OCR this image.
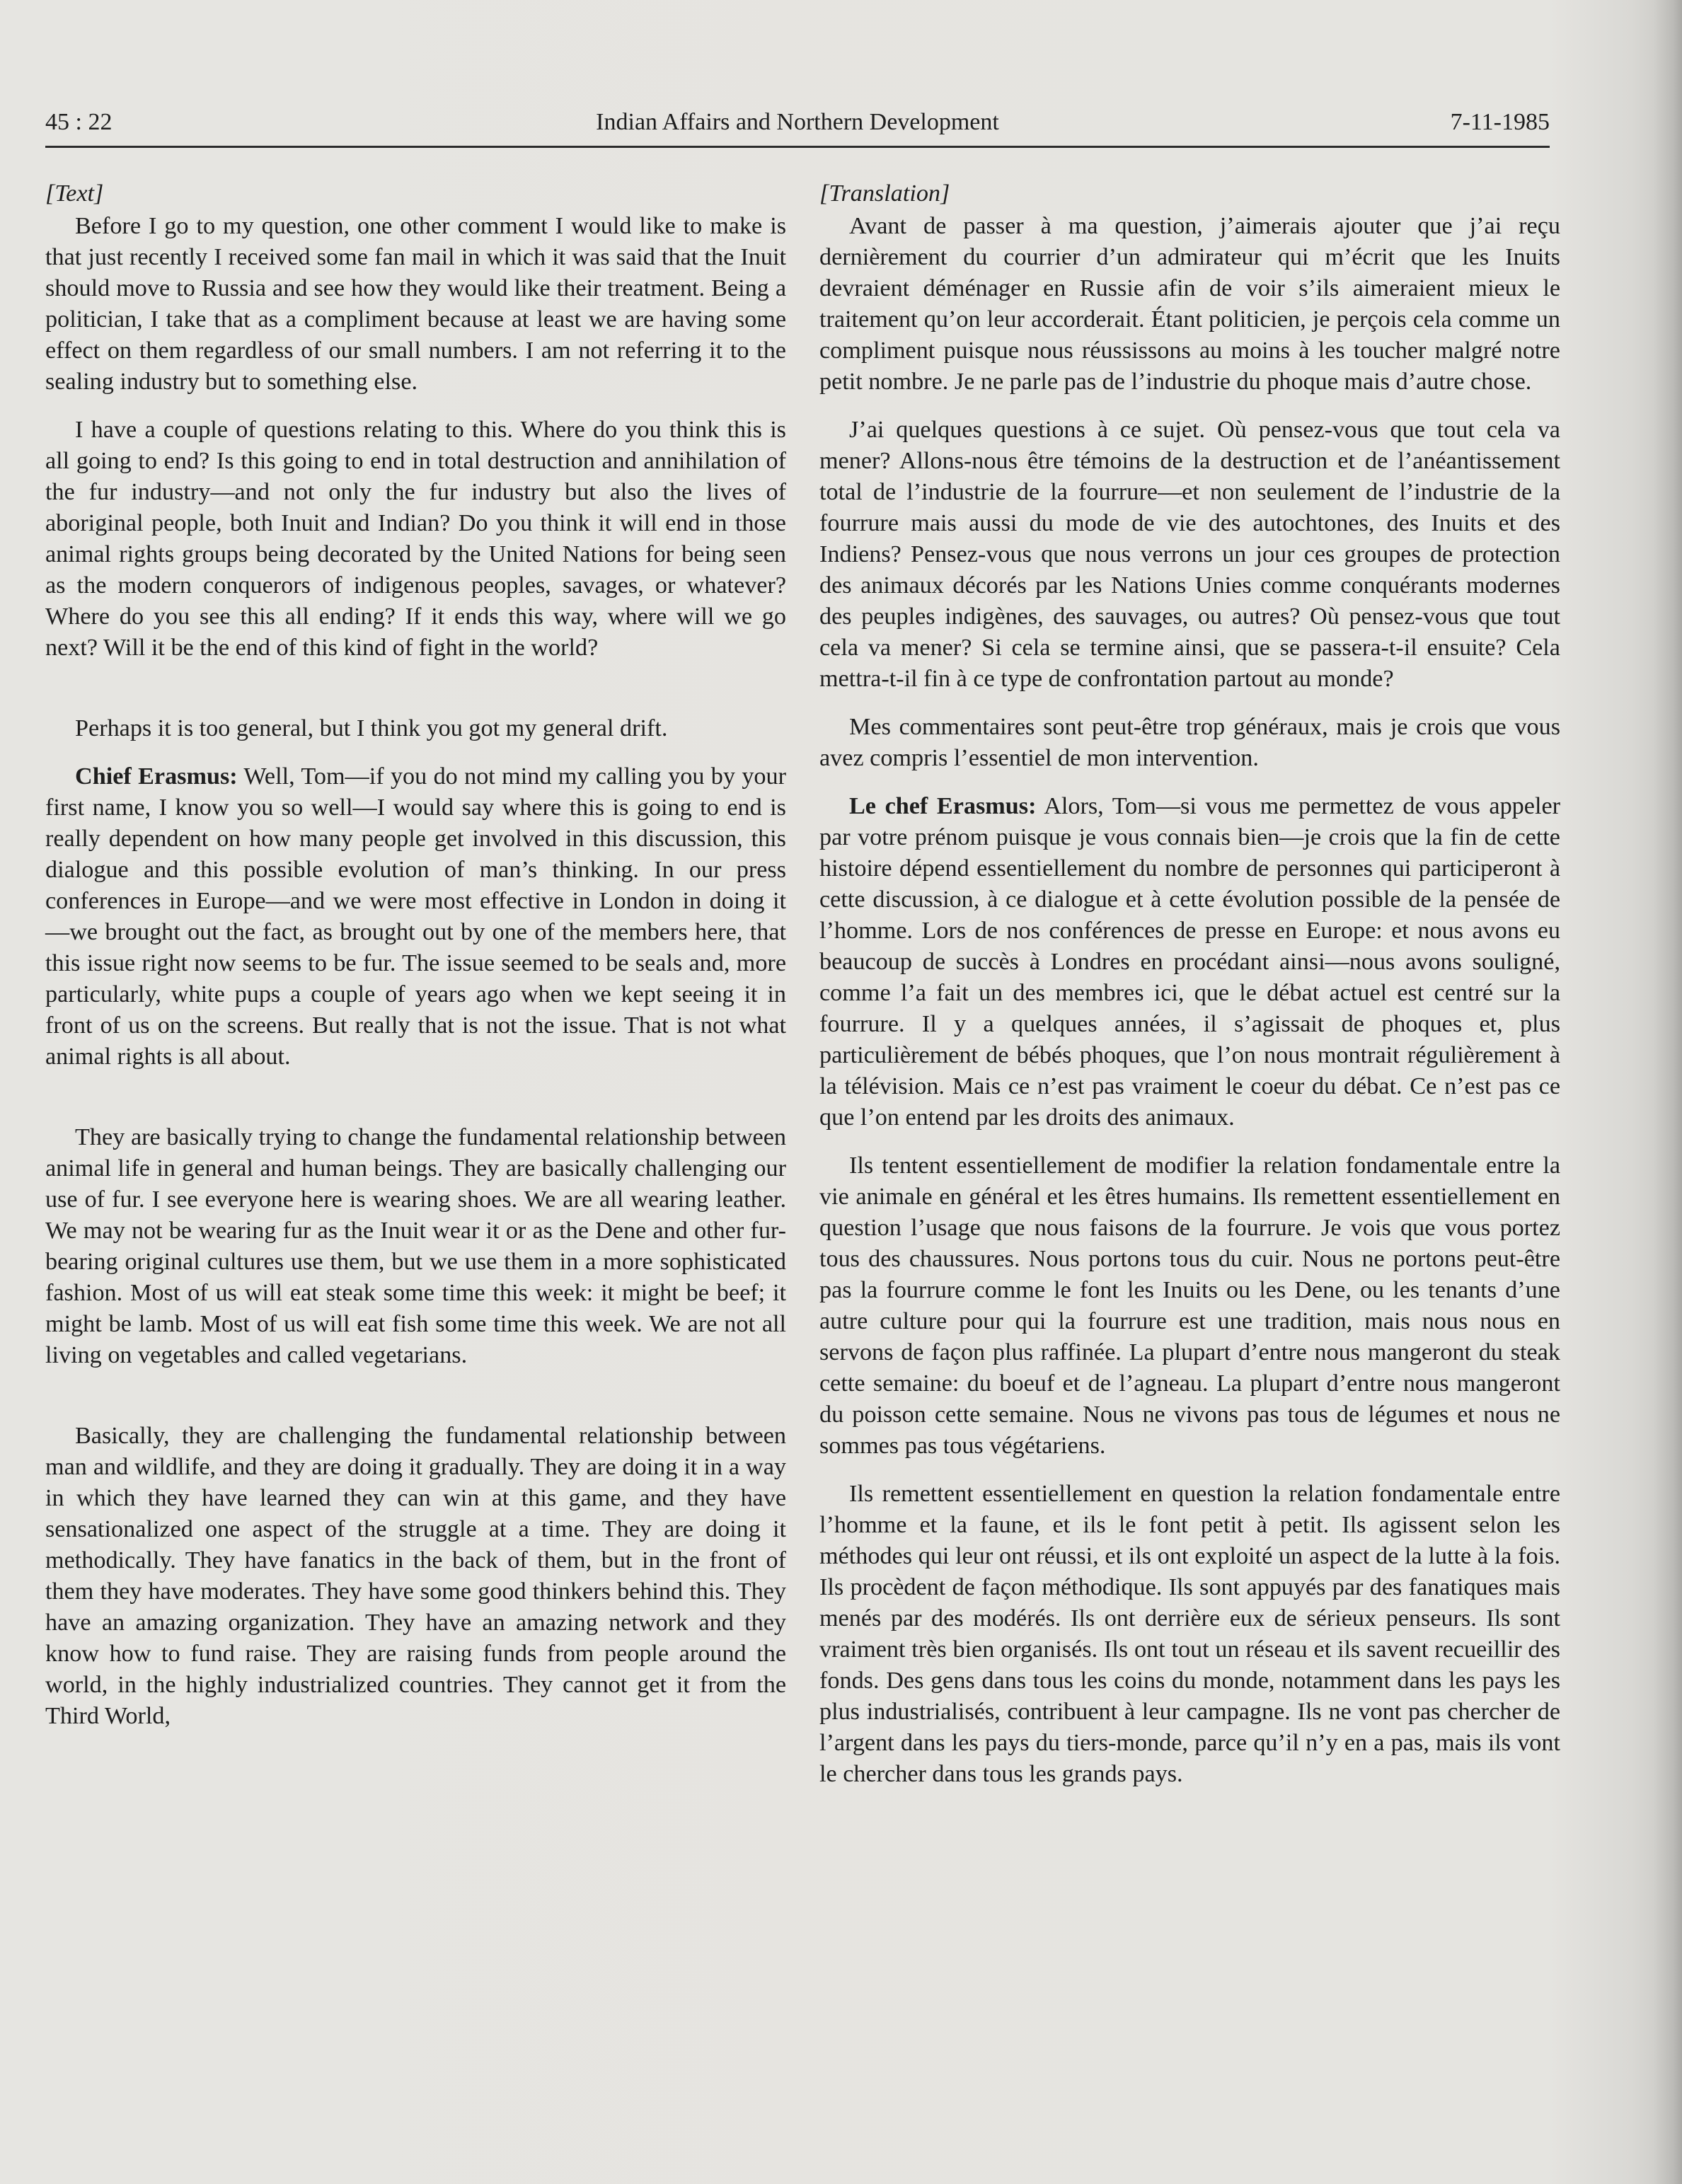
Indian Affairs and Northern Development
45 : 22	7-11-1985
[Text]

Before I go to my question, one other comment I would like to make is that just recently I received some fan mail in which it was said that the Inuit should move to Russia and see how they would like their treatment. Being a politician, I take that as a compliment because at least we are having some effect on them regardless of our small numbers. I am not referring it to the sealing industry but to something else.

I have a couple of questions relating to this. Where do you think this is all going to end? Is this going to end in total destruction and annihilation of the fur industry—and not only the fur industry but also the lives of aboriginal people, both Inuit and Indian? Do you think it will end in those animal rights groups being decorated by the United Nations for being seen as the modern conquerors of indigenous peoples, savages, or whatever? Where do you see this all ending? If it ends this way, where will we go next? Will it be the end of this kind of fight in the world?

Perhaps it is too general, but I think you got my general drift.

Chief Erasmus: Well, Tom—if you do not mind my calling you by your first name, I know you so well—I would say where this is going to end is really dependent on how many people get involved in this discussion, this dialogue and this possible evolution of man’s thinking. In our press conferences in Europe—and we were most effective in London in doing it—we brought out the fact, as brought out by one of the members here, that this issue right now seems to be fur. The issue seemed to be seals and, more particularly, white pups a couple of years ago when we kept seeing it in front of us on the screens. But really that is not the issue. That is not what animal rights is all about.

They are basically trying to change the fundamental relationship between animal life in general and human beings. They are basically challenging our use of fur. I see everyone here is wearing shoes. We are all wearing leather. We may not be wearing fur as the Inuit wear it or as the Dene and other fur-bearing original cultures use them, but we use them in a more sophisticated fashion. Most of us will eat steak some time this week: it might be beef; it might be lamb. Most of us will eat fish some time this week. We are not all living on vegetables and called vegetarians.

Basically, they are challenging the fundamental relationship between man and wildlife, and they are doing it gradually. They are doing it in a way in which they have learned they can win at this game, and they have sensationalized one aspect of the struggle at a time. They are doing it methodically. They have fanatics in the back of them, but in the front of them they have moderates. They have some good thinkers behind this. They have an amazing organization. They have an amazing network and they know how to fund raise. They are raising funds from people around the world, in the highly industrialized countries. They cannot get it from the Third World,

[Translation]

Avant de passer à ma question, j’aimerais ajouter que j’ai reçu dernièrement du courrier d’un admirateur qui m’écrit que les Inuits devraient déménager en Russie afin de voir s’ils aimeraient mieux le traitement qu’on leur accorderait. Étant politicien, je perçois cela comme un compliment puisque nous réussissons au moins à les toucher malgré notre petit nombre. Je ne parle pas de l’industrie du phoque mais d’autre chose.

J’ai quelques questions à ce sujet. Où pensez-vous que tout cela va mener? Allons-nous être témoins de la destruction et de l’anéantissement total de l’industrie de la fourrure—et non seulement de l’industrie de la fourrure mais aussi du mode de vie des autochtones, des Inuits et des Indiens? Pensez-vous que nous verrons un jour ces groupes de protection des animaux décorés par les Nations Unies comme conquérants modernes des peuples indigènes, des sauvages, ou autres? Où pensez-vous que tout cela va mener? Si cela se termine ainsi, que se passera-t-il ensuite? Cela mettra-t-il fin à ce type de confrontation partout au monde?

Mes commentaires sont peut-être trop généraux, mais je crois que vous avez compris l’essentiel de mon intervention.

Le chef Erasmus: Alors, Tom—si vous me permettez de vous appeler par votre prénom puisque je vous connais bien—je crois que la fin de cette histoire dépend essentiellement du nombre de personnes qui participeront à cette discussion, à ce dialogue et à cette évolution possible de la pensée de l’homme. Lors de nos conférences de presse en Europe: et nous avons eu beaucoup de succès à Londres en procédant ainsi—nous avons souligné, comme l’a fait un des membres ici, que le débat actuel est centré sur la fourrure. Il y a quelques années, il s’agissait de phoques et, plus particulièrement de bébés phoques, que l’on nous montrait régulièrement à la télévision. Mais ce n’est pas vraiment le coeur du débat. Ce n’est pas ce que l’on entend par les droits des animaux.

Ils tentent essentiellement de modifier la relation fondamentale entre la vie animale en général et les êtres humains. Ils remettent essentiellement en question l’usage que nous faisons de la fourrure. Je vois que vous portez tous des chaussures. Nous portons tous du cuir. Nous ne portons peut-être pas la fourrure comme le font les Inuits ou les Dene, ou les tenants d’une autre culture pour qui la fourrure est une tradition, mais nous nous en servons de façon plus raffinée. La plupart d’entre nous mangeront du steak cette semaine: du boeuf et de l’agneau. La plupart d’entre nous mangeront du poisson cette semaine. Nous ne vivons pas tous de légumes et nous ne sommes pas tous végétariens.

Ils remettent essentiellement en question la relation fondamentale entre l’homme et la faune, et ils le font petit à petit. Ils agissent selon les méthodes qui leur ont réussi, et ils ont exploité un aspect de la lutte à la fois. Ils procèdent de façon méthodique. Ils sont appuyés par des fanatiques mais menés par des modérés. Ils ont derrière eux de sérieux penseurs. Ils sont vraiment très bien organisés. Ils ont tout un réseau et ils savent recueillir des fonds. Des gens dans tous les coins du monde, notamment dans les pays les plus industrialisés, contribuent à leur campagne. Ils ne vont pas chercher de l’argent dans les pays du tiers-monde, parce qu’il n’y en a pas, mais ils vont le chercher dans tous les grands pays.
